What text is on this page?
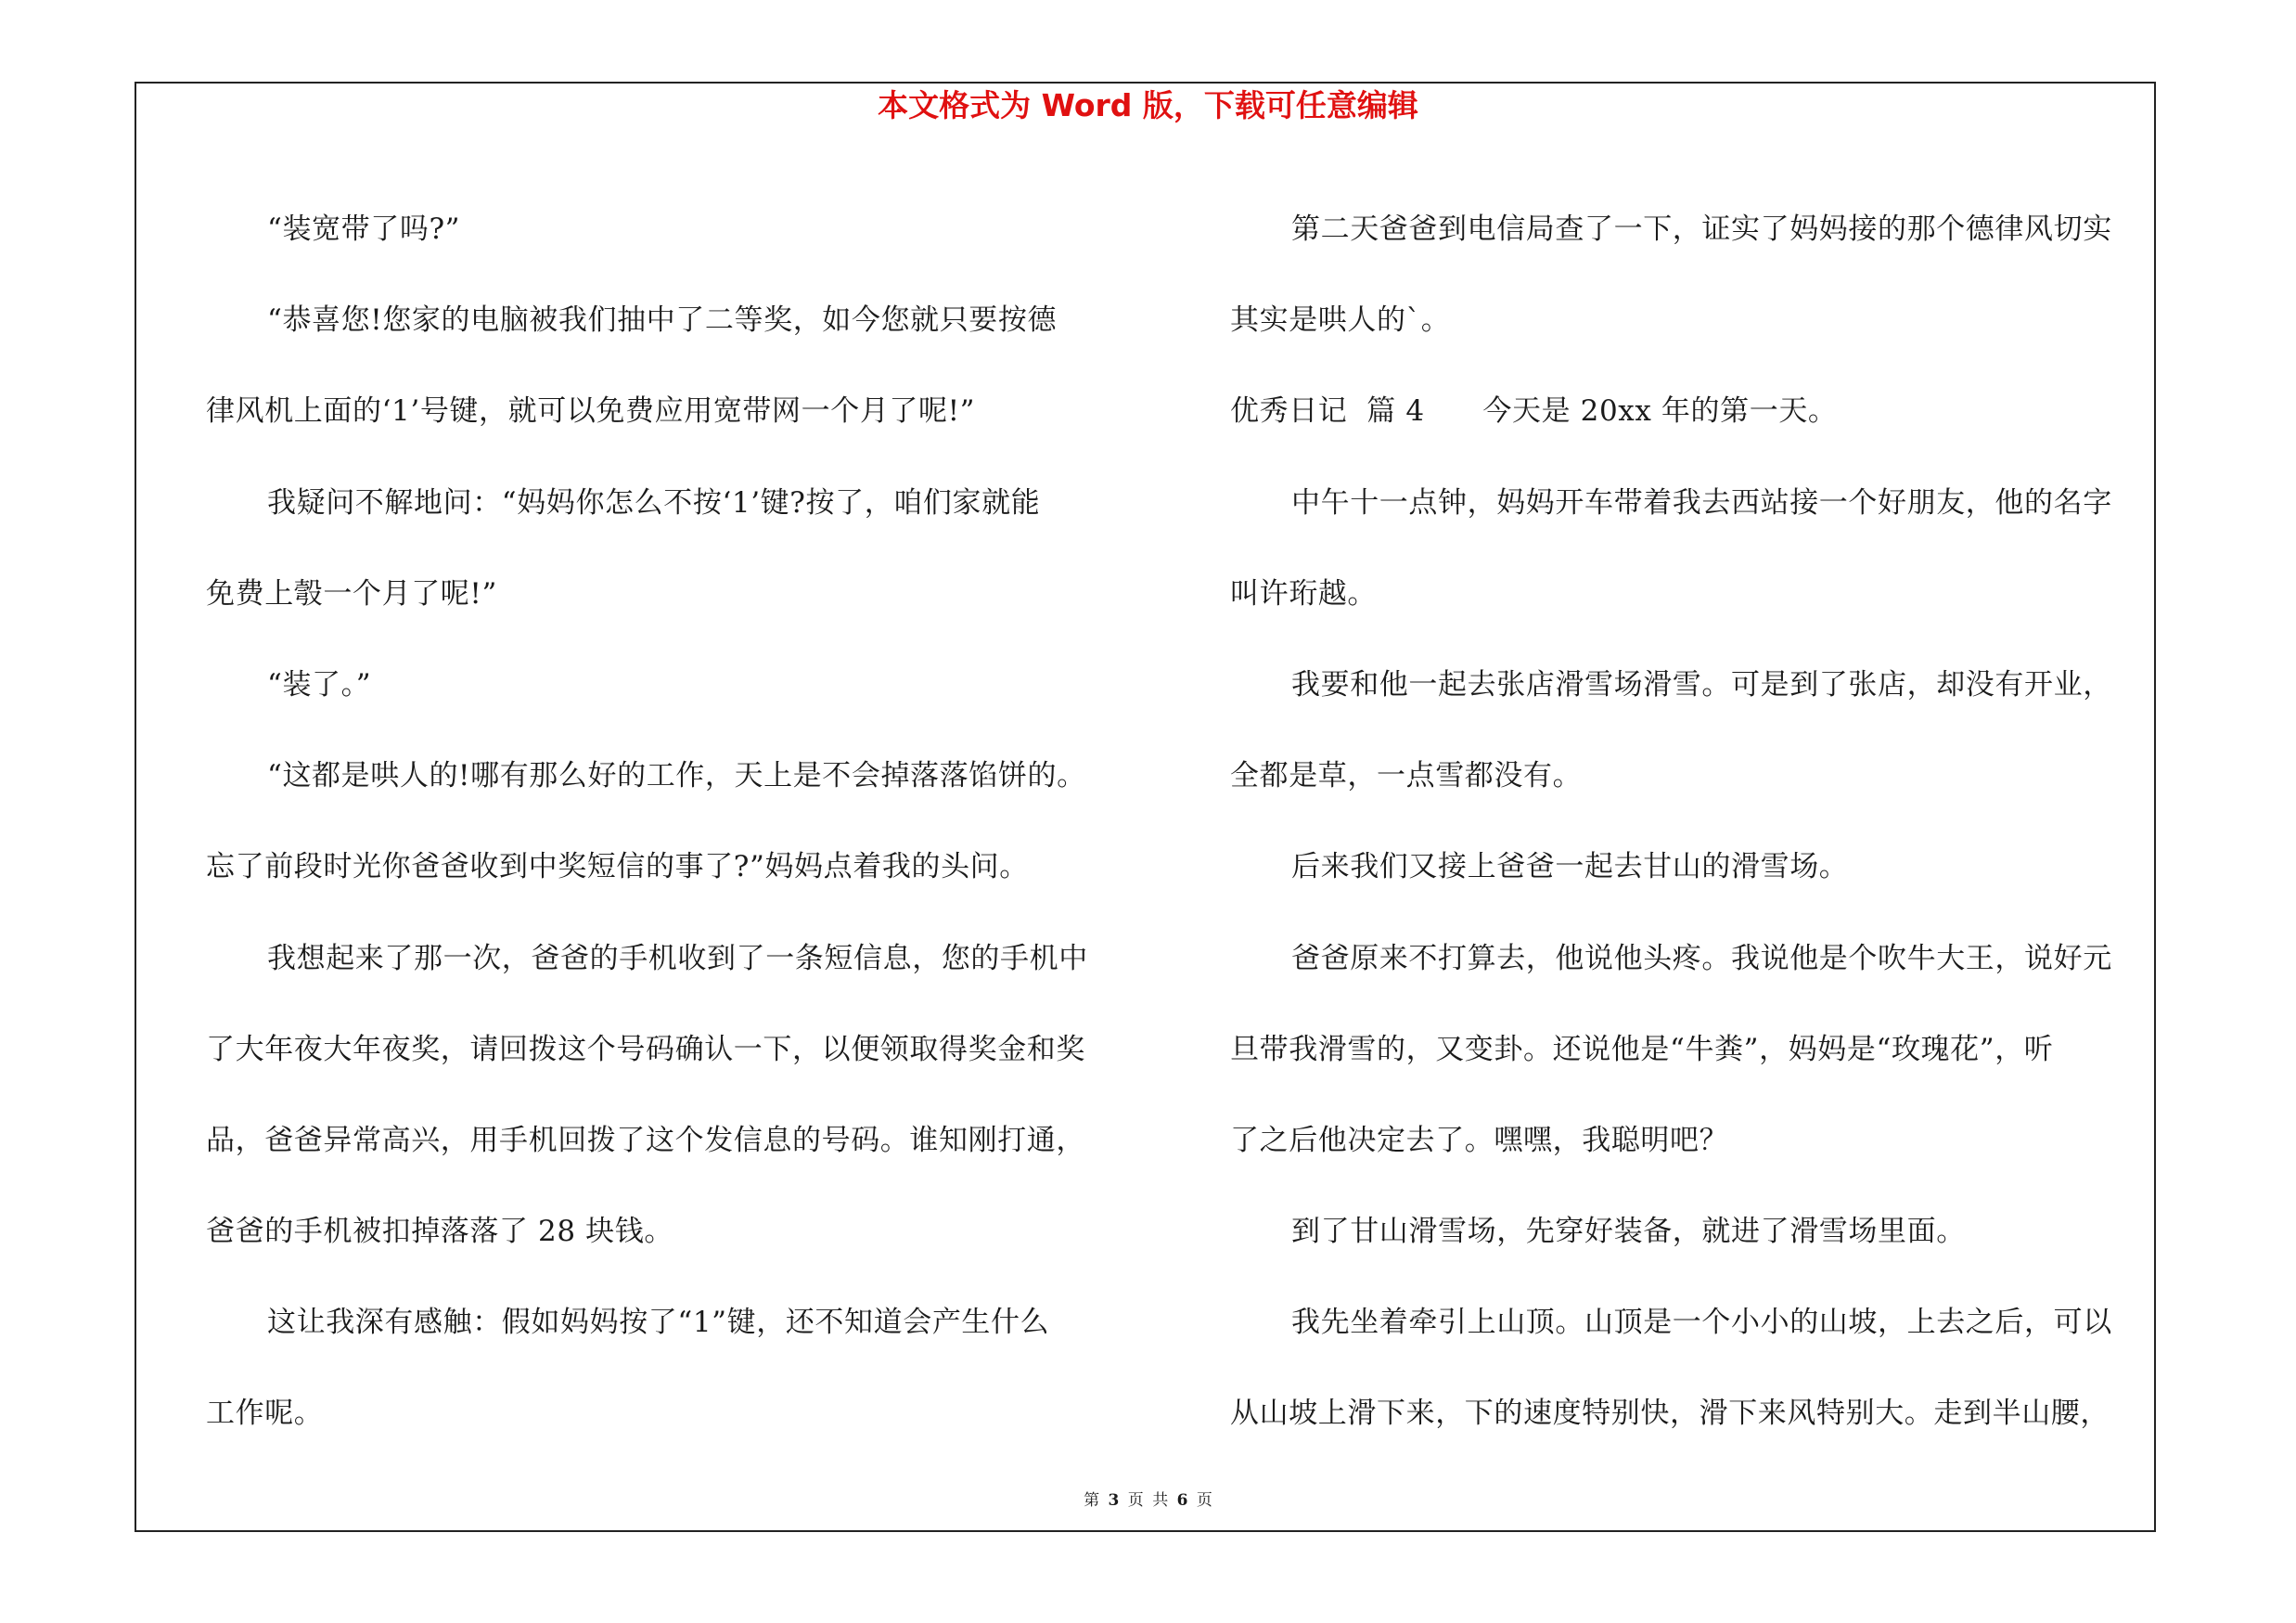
本文格式为 Word 版，下载可任意编辑
“装宽带了吗?”
“恭喜您!您家的电脑被我们抽中了二等奖，如今您就只要按德
律风机上面的‘1’号键，就可以免费应用宽带网一个月了呢!”
我疑问不解地问：“妈妈你怎么不按‘1’键?按了，咱们家就能
免费上彀一个月了呢!”
“装了。”
“这都是哄人的!哪有那么好的工作，天上是不会掉落落馅饼的。
忘了前段时光你爸爸收到中奖短信的事了?”妈妈点着我的头问。
我想起来了那一次，爸爸的手机收到了一条短信息，您的手机中
了大年夜大年夜奖，请回拨这个号码确认一下，以便领取得奖金和奖
品，爸爸异常高兴，用手机回拨了这个发信息的号码。谁知刚打通，
爸爸的手机被扣掉落落了 28 块钱。
这让我深有感触：假如妈妈按了“1”键，还不知道会产生什么
工作呢。
第二天爸爸到电信局查了一下，证实了妈妈接的那个德律风切实
其实是哄人的`。
优秀日记  篇 4      今天是 20xx 年的第一天。
中午十一点钟，妈妈开车带着我去西站接一个好朋友，他的名字
叫许珩越。
我要和他一起去张店滑雪场滑雪。可是到了张店，却没有开业，
全都是草，一点雪都没有。
后来我们又接上爸爸一起去甘山的滑雪场。
爸爸原来不打算去，他说他头疼。我说他是个吹牛大王，说好元
旦带我滑雪的，又变卦。还说他是“牛粪”，妈妈是“玫瑰花”，听
了之后他决定去了。嘿嘿，我聪明吧？
到了甘山滑雪场，先穿好装备，就进了滑雪场里面。
我先坐着牵引上山顶。山顶是一个小小的山坡，上去之后，可以
从山坡上滑下来，下的速度特别快，滑下来风特别大。走到半山腰，
第 3 页 共 6 页
